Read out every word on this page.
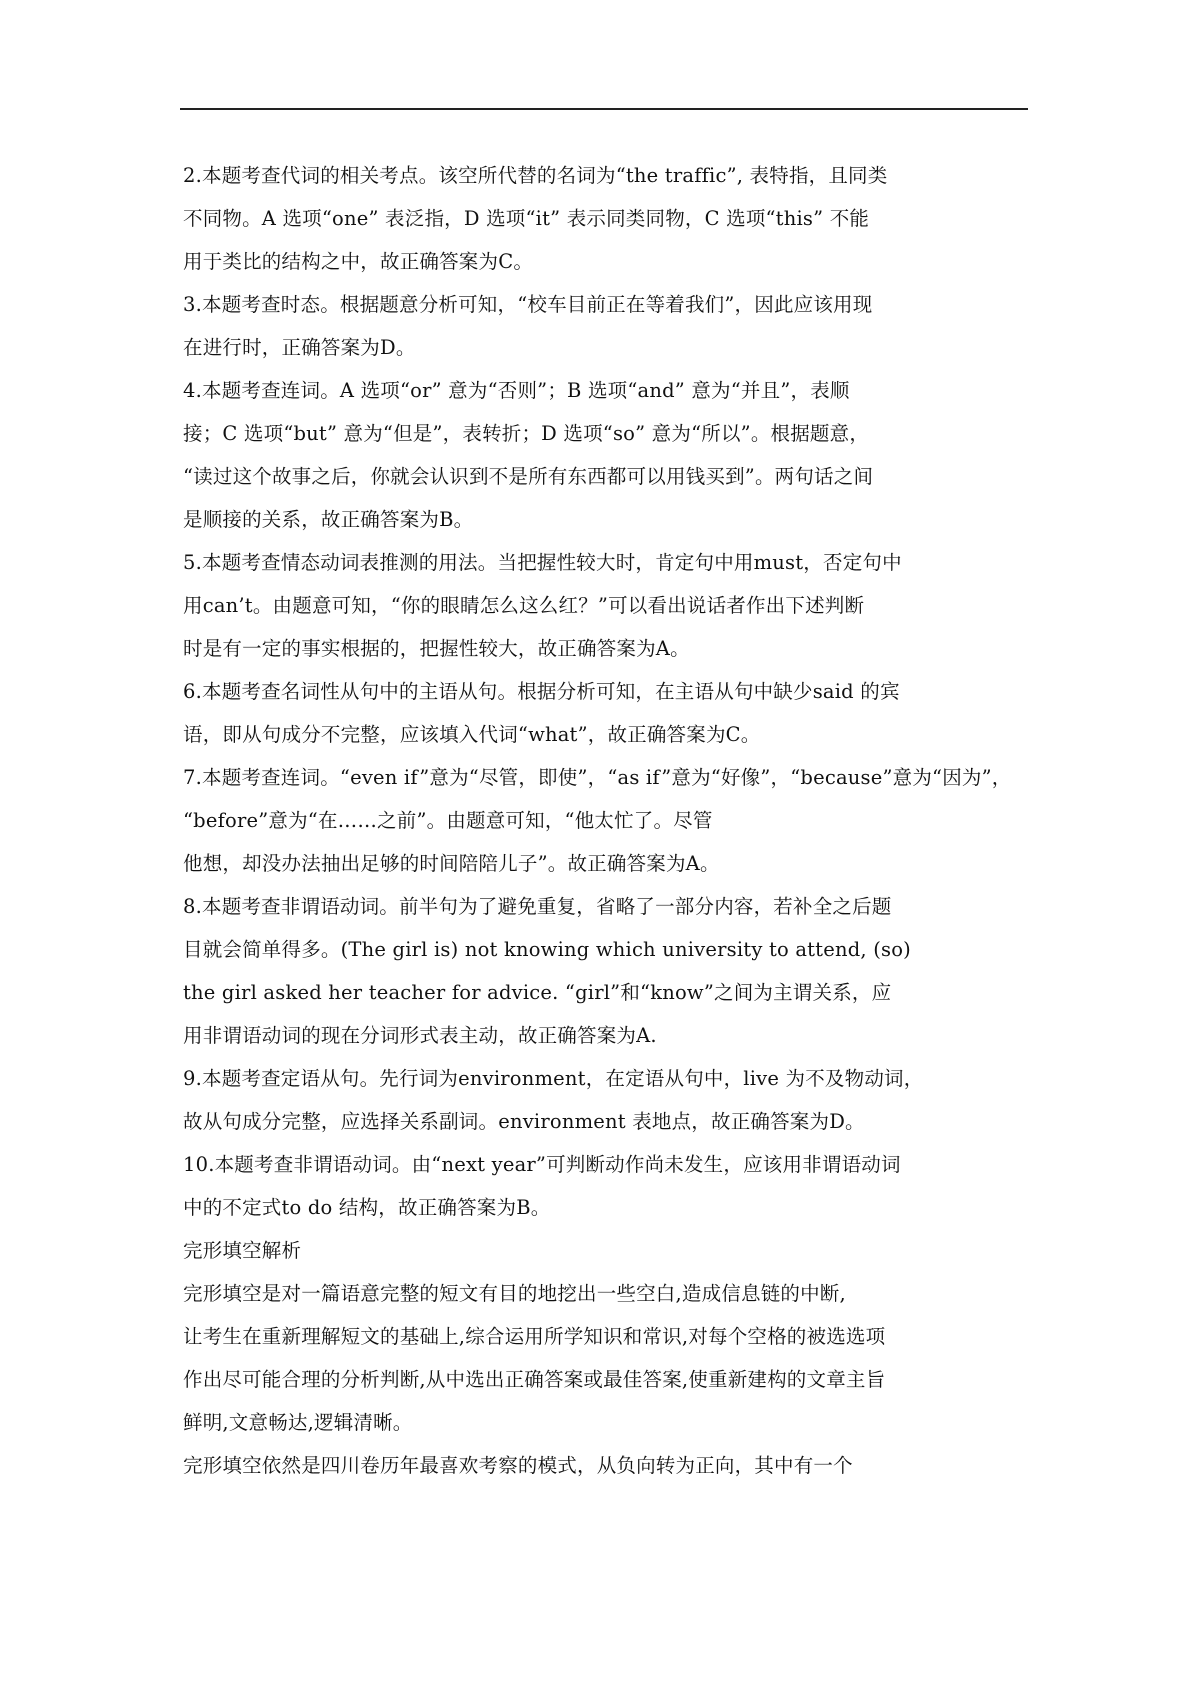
2.本题考查代词的相关考点。该空所代替的名词为“the traffic”, 表特指，且同类
不同物。A 选项“one” 表泛指，D 选项“it” 表示同类同物，C 选项“this” 不能
用于类比的结构之中，故正确答案为C。
3.本题考查时态。根据题意分析可知，“校车目前正在等着我们”，因此应该用现
在进行时，正确答案为D。
4.本题考查连词。A 选项“or” 意为“否则”；B 选项“and” 意为“并且”，表顺
接；C 选项“but” 意为“但是”，表转折；D 选项“so” 意为“所以”。根据题意，
“读过这个故事之后，你就会认识到不是所有东西都可以用钱买到”。两句话之间
是顺接的关系，故正确答案为B。
5.本题考查情态动词表推测的用法。当把握性较大时，肯定句中用must，否定句中
用can’t。由题意可知，“你的眼睛怎么这么红？”可以看出说话者作出下述判断
时是有一定的事实根据的，把握性较大，故正确答案为A。
6.本题考查名词性从句中的主语从句。根据分析可知，在主语从句中缺少said 的宾
语，即从句成分不完整，应该填入代词“what”，故正确答案为C。
7.本题考查连词。“even if”意为“尽管，即使”，“as if”意为“好像”，“because”意为“因为”，
“before”意为“在……之前”。由题意可知，“他太忙了。尽管
他想，却没办法抽出足够的时间陪陪儿子”。故正确答案为A。
8.本题考查非谓语动词。前半句为了避免重复，省略了一部分内容，若补全之后题
目就会简单得多。(The girl is) not knowing which university to attend, (so)
the girl asked her teacher for advice. “girl”和“know”之间为主谓关系，应
用非谓语动词的现在分词形式表主动，故正确答案为A.
9.本题考查定语从句。先行词为environment，在定语从句中，live 为不及物动词，
故从句成分完整，应选择关系副词。environment 表地点，故正确答案为D。
10.本题考查非谓语动词。由“next year”可判断动作尚未发生，应该用非谓语动词
中的不定式to do 结构，故正确答案为B。
完形填空解析
完形填空是对一篇语意完整的短文有目的地挖出一些空白,造成信息链的中断,
让考生在重新理解短文的基础上,综合运用所学知识和常识,对每个空格的被选选项
作出尽可能合理的分析判断,从中选出正确答案或最佳答案,使重新建构的文章主旨
鲜明,文意畅达,逻辑清晰。
完形填空依然是四川卷历年最喜欢考察的模式，从负向转为正向，其中有一个
